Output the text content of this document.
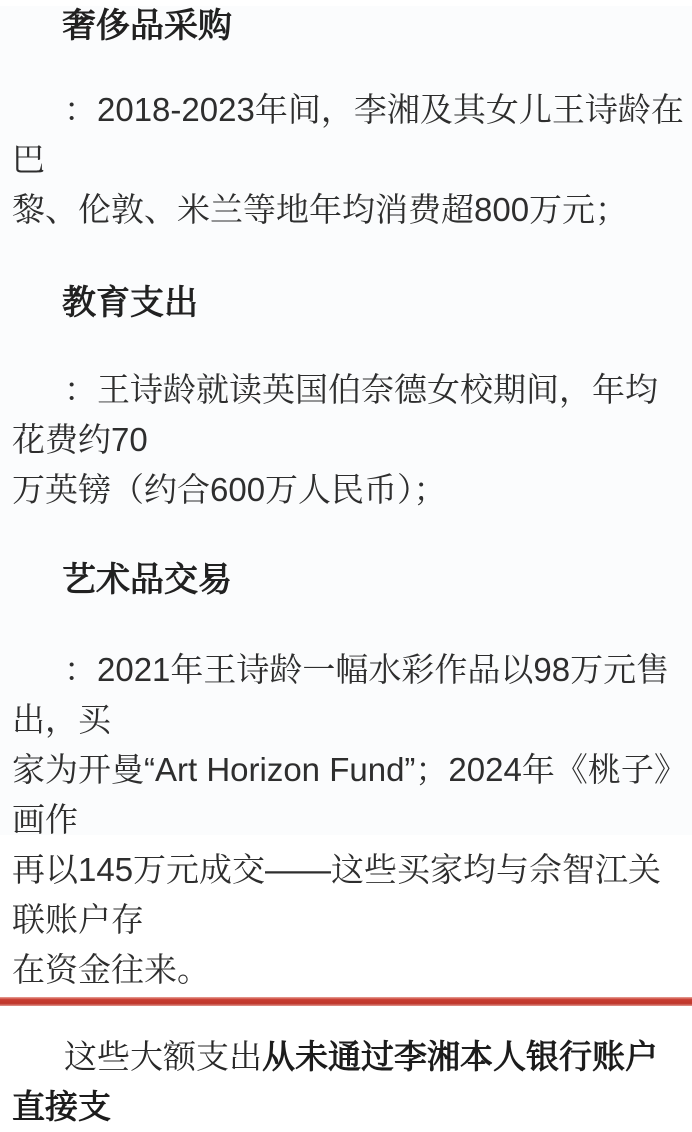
奢侈品采购

：2018-2023年间，李湘及其女儿王诗龄在巴
黎、伦敦、米兰等地年均消费超800万元；

教育支出

：王诗龄就读英国伯奈德女校期间，年均花费约70
万英镑（约合600万人民币）；

艺术品交易

：2021年王诗龄一幅水彩作品以98万元售出，买
家为开曼“Art Horizon Fund”；2024年《桃子》画作
再以145万元成交——这些买家均与佘智江关联账户存
在资金往来。

这些大额支出从未通过李湘本人银行账户直接支
